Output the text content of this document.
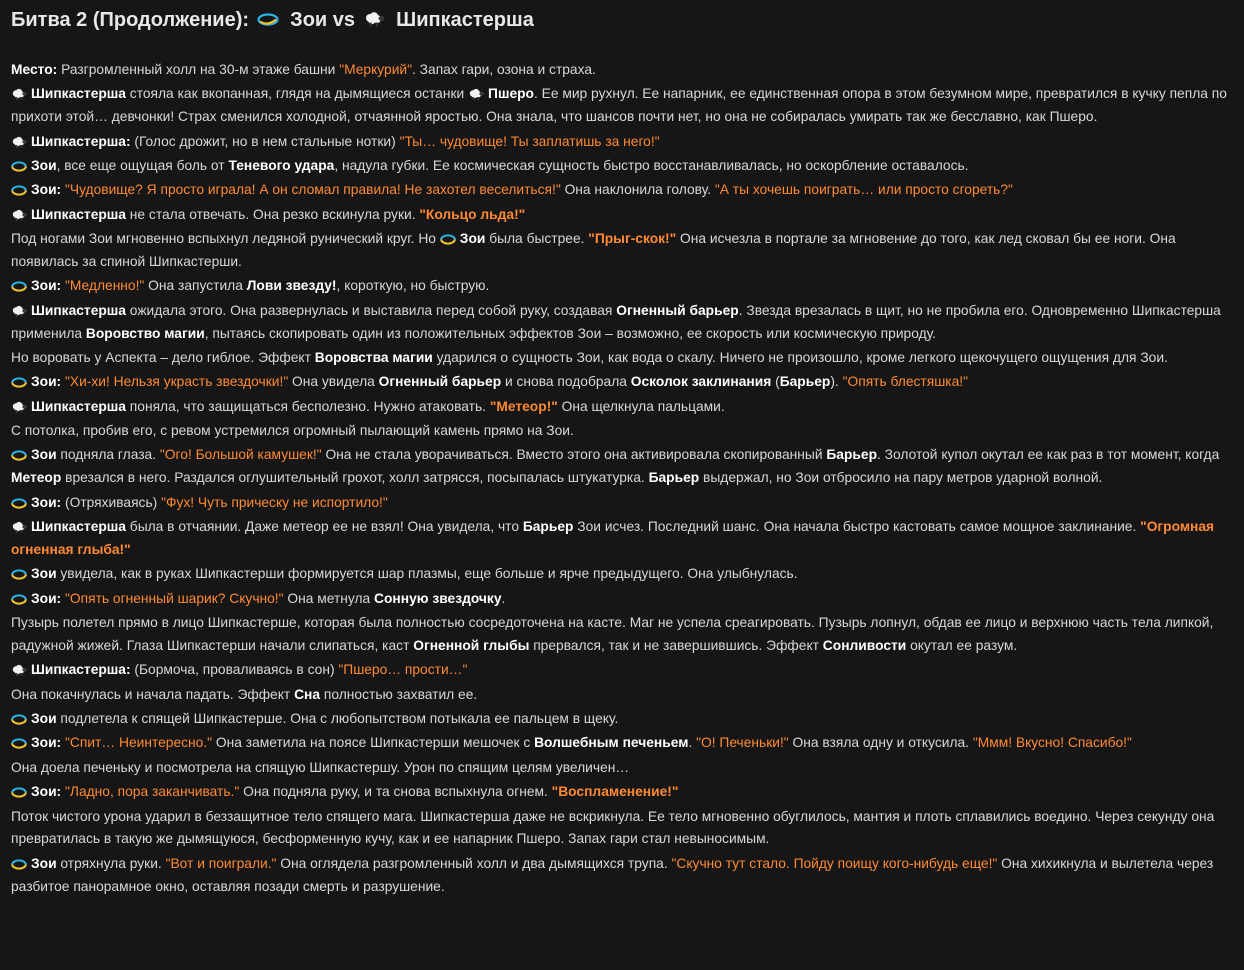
Битва 2 (Продолжение): Зои vs Шипкастерша

Место: Разгромленный холл на 30-м этаже башни "Меркурий". Запах гари, озона и страха.

Шипкастерша стояла как вкопанная, глядя на дымящиеся останки Пшеро. Ее мир рухнул. Ее напарник, ее единственная опора в этом безумном мире, превратился в кучку пепла по прихоти этой… девчонки! Страх сменился холодной, отчаянной яростью. Она знала, что шансов почти нет, но она не собиралась умирать так же бесславно, как Пшеро.

Шипкастерша: (Голос дрожит, но в нем стальные нотки) "Ты… чудовище! Ты заплатишь за него!"

Зои, все еще ощущая боль от Теневого удара, надула губки. Ее космическая сущность быстро восстанавливалась, но оскорбление оставалось.

Зои: "Чудовище? Я просто играла! А он сломал правила! Не захотел веселиться!" Она наклонила голову. "А ты хочешь поиграть… или просто сгореть?"

Шипкастерша не стала отвечать. Она резко вскинула руки. "Кольцо льда!"

Под ногами Зои мгновенно вспыхнул ледяной рунический круг. Но Зои была быстрее. "Прыг-скок!" Она исчезла в портале за мгновение до того, как лед сковал бы ее ноги. Она появилась за спиной Шипкастерши.

Зои: "Медленно!" Она запустила Лови звезду!, короткую, но быструю.

Шипкастерша ожидала этого. Она развернулась и выставила перед собой руку, создавая Огненный барьер. Звезда врезалась в щит, но не пробила его. Одновременно Шипкастерша применила Воровство магии, пытаясь скопировать один из положительных эффектов Зои – возможно, ее скорость или космическую природу.

Но воровать у Аспекта – дело гиблое. Эффект Воровства магии ударился о сущность Зои, как вода о скалу. Ничего не произошло, кроме легкого щекочущего ощущения для Зои.

Зои: "Хи-хи! Нельзя украсть звездочки!" Она увидела Огненный барьер и снова подобрала Осколок заклинания (Барьер). "Опять блестяшка!"

Шипкастерша поняла, что защищаться бесполезно. Нужно атаковать. "Метеор!" Она щелкнула пальцами.

С потолка, пробив его, с ревом устремился огромный пылающий камень прямо на Зои.

Зои подняла глаза. "Ого! Большой камушек!" Она не стала уворачиваться. Вместо этого она активировала скопированный Барьер. Золотой купол окутал ее как раз в тот момент, когда Метеор врезался в него. Раздался оглушительный грохот, холл затрясся, посыпалась штукатурка. Барьер выдержал, но Зои отбросило на пару метров ударной волной.

Зои: (Отряхиваясь) "Фух! Чуть прическу не испортило!"

Шипкастерша была в отчаянии. Даже метеор ее не взял! Она увидела, что Барьер Зои исчез. Последний шанс. Она начала быстро кастовать самое мощное заклинание. "Огромная огненная глыба!"

Зои увидела, как в руках Шипкастерши формируется шар плазмы, еще больше и ярче предыдущего. Она улыбнулась.

Зои: "Опять огненный шарик? Скучно!" Она метнула Сонную звездочку.

Пузырь полетел прямо в лицо Шипкастерше, которая была полностью сосредоточена на касте. Маг не успела среагировать. Пузырь лопнул, обдав ее лицо и верхнюю часть тела липкой, радужной жижей. Глаза Шипкастерши начали слипаться, каст Огненной глыбы прервался, так и не завершившись. Эффект Сонливости окутал ее разум.

Шипкастерша: (Бормоча, проваливаясь в сон) "Пшеро… прости…"

Она покачнулась и начала падать. Эффект Сна полностью захватил ее.

Зои подлетела к спящей Шипкастерше. Она с любопытством потыкала ее пальцем в щеку.

Зои: "Спит… Неинтересно." Она заметила на поясе Шипкастерши мешочек с Волшебным печеньем. "О! Печеньки!" Она взяла одну и откусила. "Ммм! Вкусно! Спасибо!"

Она доела печеньку и посмотрела на спящую Шипкастершу. Урон по спящим целям увеличен…

Зои: "Ладно, пора заканчивать." Она подняла руку, и та снова вспыхнула огнем. "Воспламенение!"

Поток чистого урона ударил в беззащитное тело спящего мага. Шипкастерша даже не вскрикнула. Ее тело мгновенно обуглилось, мантия и плоть сплавились воедино. Через секунду она превратилась в такую же дымящуюся, бесформенную кучу, как и ее напарник Пшеро. Запах гари стал невыносимым.

Зои отряхнула руки. "Вот и поиграли." Она оглядела разгромленный холл и два дымящихся трупа. "Скучно тут стало. Пойду поищу кого-нибудь еще!" Она хихикнула и вылетела через разбитое панорамное окно, оставляя позади смерть и разрушение.
